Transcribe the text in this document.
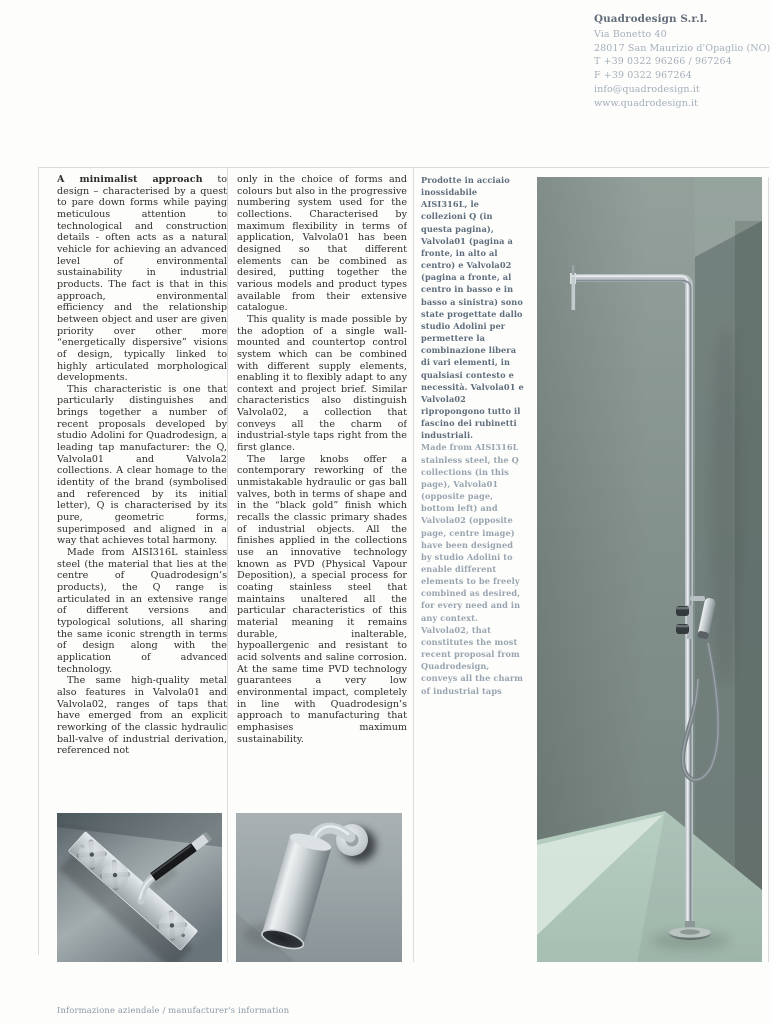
Quadrodesign S.r.l.
Via Bonetto 40
28017 San Maurizio d'Opaglio (NO)
T +39 0322 96266 / 967264
F +39 0322 967264
info@quadrodesign.it
www.quadrodesign.it

A minimalist approach to design – characterised by a quest to pare down forms while paying meticulous attention to technological and construction details - often acts as a natural vehicle for achieving an advanced level of environmental sustainability in industrial products. The fact is that in this approach, environmental efficiency and the relationship between object and user are given priority over other more “energetically dispersive” visions of design, typically linked to highly articulated morphological developments.

This characteristic is one that particularly distinguishes and brings together a number of recent proposals developed by studio Adolini for Quadrodesign, a leading tap manufacturer: the Q, Valvola01 and Valvola2 collections. A clear homage to the identity of the brand (symbolised and referenced by its initial letter), Q is characterised by its pure, geometric forms, superimposed and aligned in a way that achieves total harmony.

Made from AISI316L stainless steel (the material that lies at the centre of Quadrodesign’s products), the Q range is articulated in an extensive range of different versions and typological solutions, all sharing the same iconic strength in terms of design along with the application of advanced technology.

The same high-quality metal also features in Valvola01 and Valvola02, ranges of taps that have emerged from an explicit reworking of the classic hydraulic ball-valve of industrial derivation, referenced not

only in the choice of forms and colours but also in the progressive numbering system used for the collections. Characterised by maximum flexibility in terms of application, Valvola01 has been designed so that different elements can be combined as desired, putting together the various models and product types available from their extensive catalogue.

This quality is made possible by the adoption of a single wall-mounted and countertop control system which can be combined with different supply elements, enabling it to flexibly adapt to any context and project brief. Similar characteristics also distinguish Valvola02, a collection that conveys all the charm of industrial-style taps right from the first glance.

The large knobs offer a contemporary reworking of the unmistakable hydraulic or gas ball valves, both in terms of shape and in the “black gold” finish which recalls the classic primary shades of industrial objects. All the finishes applied in the collections use an innovative technology known as PVD (Physical Vapour Deposition), a special process for coating stainless steel that maintains unaltered all the particular characteristics of this material meaning it remains durable, inalterable, hypoallergenic and resistant to acid solvents and saline corrosion. At the same time PVD technology guarantees a very low environmental impact, completely in line with Quadrodesign’s approach to manufacturing that emphasises maximum sustainability.

Prodotte in acciaio inossidabile AISI316L, le collezioni Q (in questa pagina), Valvola01 (pagina a fronte, in alto al centro) e Valvola02 (pagina a fronte, al centro in basso e in basso a sinistra) sono state progettate dallo studio Adolini per permettere la combinazione libera di vari elementi, in qualsiasi contesto e necessità. Valvola01 e Valvola02 ripropongono tutto il fascino dei rubinetti industriali.

Made from AISI316L stainless steel, the Q collections (in this page), Valvola01 (opposite page, bottom left) and Valvola02 (opposite page, centre image) have been designed by studio Adolini to enable different elements to be freely combined as desired, for every need and in any context. Valvola02, that constitutes the most recent proposal from Quadrodesign, conveys all the charm of industrial taps

Informazione aziendale / manufacturer's information
